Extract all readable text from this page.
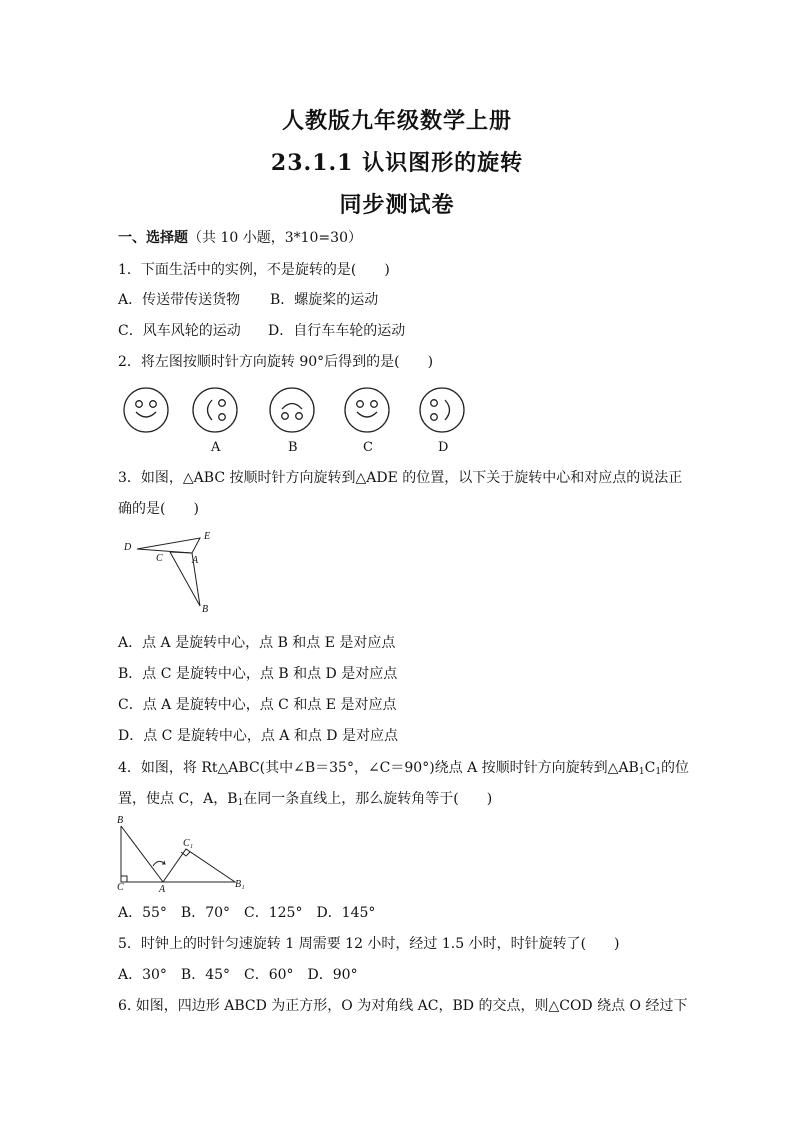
人教版九年级数学上册
23.1.1 认识图形的旋转
同步测试卷
一、选择题（共 10 小题，3*10=30）
1．下面生活中的实例，不是旋转的是(　　)
A．传送带传送货物 B．螺旋桨的运动
C．风车风轮的运动 D．自行车车轮的运动
2．将左图按顺时针方向旋转 90°后得到的是(　　)
A	B	C	D
3．如图，△ABC 按顺时针方向旋转到△ADE 的位置，以下关于旋转中心和对应点的说法正
确的是(　　)
D
E
C	A
B
A．点 A 是旋转中心，点 B 和点 E 是对应点
B．点 C 是旋转中心，点 B 和点 D 是对应点
C．点 A 是旋转中心，点 C 和点 E 是对应点
D．点 C 是旋转中心，点 A 和点 D 是对应点
4．如图，将 Rt△ABC(其中∠B＝35°，∠C＝90°)绕点 A 按顺时针方向旋转到$\triangle AB_1C_1$的位
置，使点 C，A，$B_1$在同一条直线上，那么旋转角等于(　　)
B
C	A
C₁
B₁
A．55°　B．70°　C．125°　D．145°
5．时钟上的时针匀速旋转 1 周需要 12 小时，经过 1.5 小时，时针旋转了(　　)
A．30°　B．45°　C．60°　D．90°
6. 如图，四边形 ABCD 为正方形，O 为对角线 AC，BD 的交点，则△COD 绕点 O 经过下
